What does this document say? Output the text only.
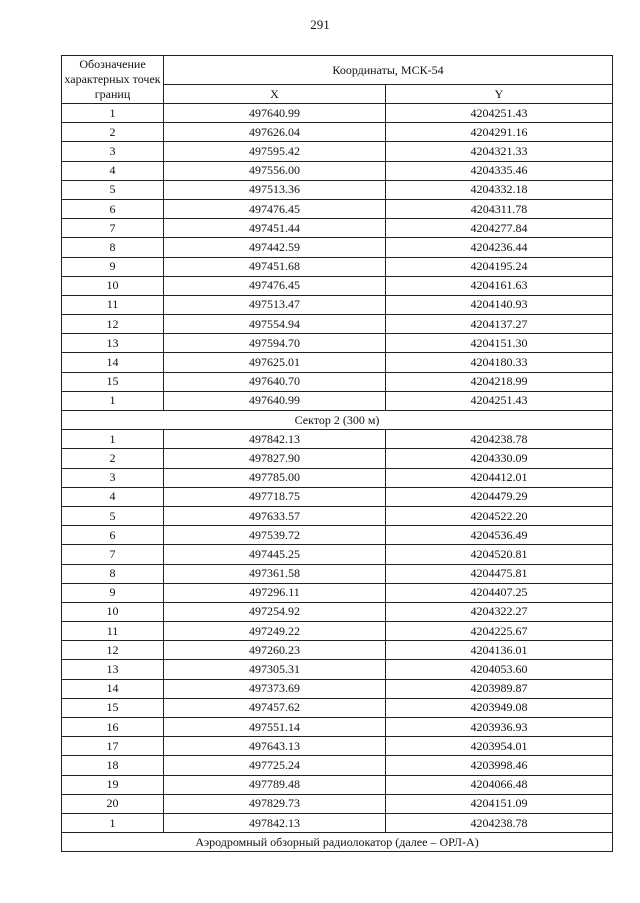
291
Обозначение характерных точек границ	Координаты, МСК-54	
	X	Y
1	497640.99	4204251.43
2	497626.04	4204291.16
3	497595.42	4204321.33
4	497556.00	4204335.46
5	497513.36	4204332.18
6	497476.45	4204311.78
7	497451.44	4204277.84
8	497442.59	4204236.44
9	497451.68	4204195.24
10	497476.45	4204161.63
11	497513.47	4204140.93
12	497554.94	4204137.27
13	497594.70	4204151.30
14	497625.01	4204180.33
15	497640.70	4204218.99
1	497640.99	4204251.43
Сектор 2 (300 м)		
1	497842.13	4204238.78
2	497827.90	4204330.09
3	497785.00	4204412.01
4	497718.75	4204479.29
5	497633.57	4204522.20
6	497539.72	4204536.49
7	497445.25	4204520.81
8	497361.58	4204475.81
9	497296.11	4204407.25
10	497254.92	4204322.27
11	497249.22	4204225.67
12	497260.23	4204136.01
13	497305.31	4204053.60
14	497373.69	4203989.87
15	497457.62	4203949.08
16	497551.14	4203936.93
17	497643.13	4203954.01
18	497725.24	4203998.46
19	497789.48	4204066.48
20	497829.73	4204151.09
1	497842.13	4204238.78
Аэродромный обзорный радиолокатор (далее – ОРЛ-А)		
